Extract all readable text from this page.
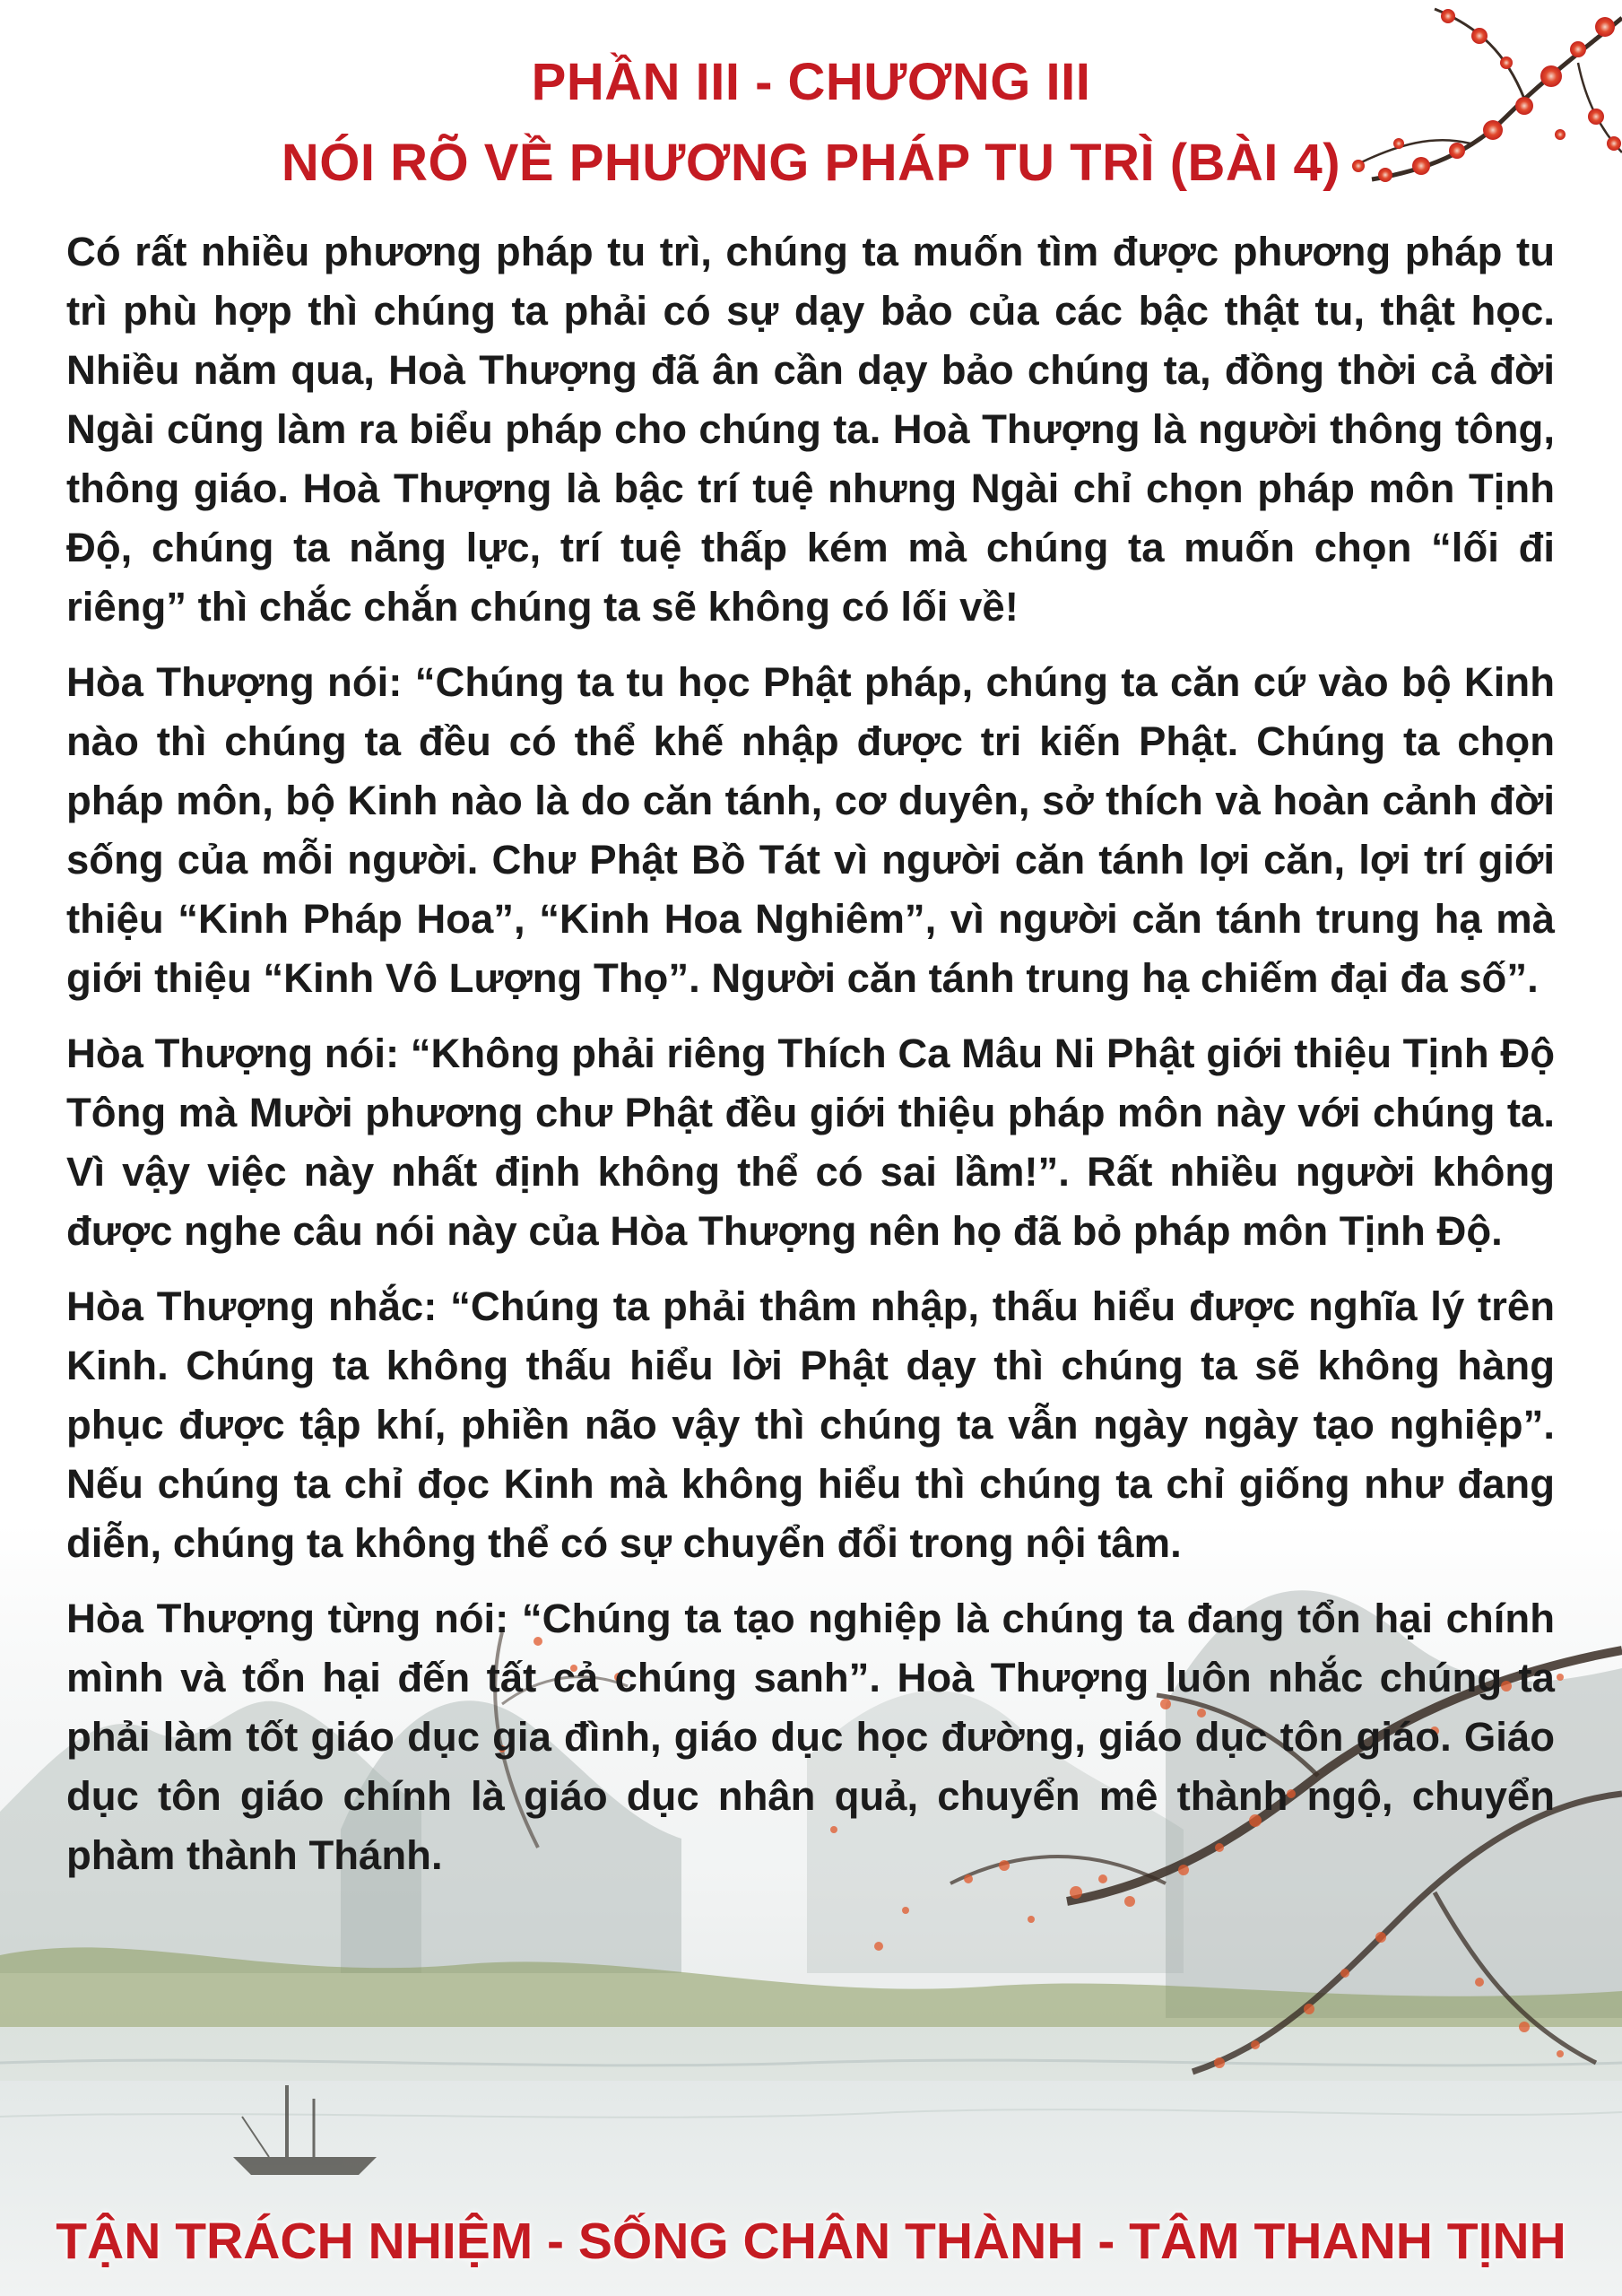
PHẦN III - CHƯƠNG III
NÓI RÕ VỀ PHƯƠNG PHÁP TU TRÌ (BÀI 4)

Có rất nhiều phương pháp tu trì, chúng ta muốn tìm được phương pháp tu trì phù hợp thì chúng ta phải có sự dạy bảo của các bậc thật tu, thật học. Nhiều năm qua, Hoà Thượng đã ân cần dạy bảo chúng ta, đồng thời cả đời Ngài cũng làm ra biểu pháp cho chúng ta. Hoà Thượng là người thông tông, thông giáo. Hoà Thượng là bậc trí tuệ nhưng Ngài chỉ chọn pháp môn Tịnh Độ, chúng ta năng lực, trí tuệ thấp kém mà chúng ta muốn chọn “lối đi riêng” thì chắc chắn chúng ta sẽ không có lối về!

Hòa Thượng nói: “Chúng ta tu học Phật pháp, chúng ta căn cứ vào bộ Kinh nào thì chúng ta đều có thể khế nhập được tri kiến Phật. Chúng ta chọn pháp môn, bộ Kinh nào là do căn tánh, cơ duyên, sở thích và hoàn cảnh đời sống của mỗi người. Chư Phật Bồ Tát vì người căn tánh lợi căn, lợi trí giới thiệu “Kinh Pháp Hoa”, “Kinh Hoa Nghiêm”, vì người căn tánh trung hạ mà giới thiệu “Kinh Vô Lượng Thọ”. Người căn tánh trung hạ chiếm đại đa số”.

Hòa Thượng nói: “Không phải riêng Thích Ca Mâu Ni Phật giới thiệu Tịnh Độ Tông mà Mười phương chư Phật đều giới thiệu pháp môn này với chúng ta. Vì vậy việc này nhất định không thể có sai lầm!”. Rất nhiều người không được nghe câu nói này của Hòa Thượng nên họ đã bỏ pháp môn Tịnh Độ.

Hòa Thượng nhắc: “Chúng ta phải thâm nhập, thấu hiểu được nghĩa lý trên Kinh. Chúng ta không thấu hiểu lời Phật dạy thì chúng ta sẽ không hàng phục được tập khí, phiền não vậy thì chúng ta vẫn ngày ngày tạo nghiệp”. Nếu chúng ta chỉ đọc Kinh mà không hiểu thì chúng ta chỉ giống như đang diễn, chúng ta không thể có sự chuyển đổi trong nội tâm.

Hòa Thượng từng nói: “Chúng ta tạo nghiệp là chúng ta đang tổn hại chính mình và tổn hại đến tất cả chúng sanh”. Hoà Thượng luôn nhắc chúng ta phải làm tốt giáo dục gia đình, giáo dục học đường, giáo dục tôn giáo. Giáo dục tôn giáo chính là giáo dục nhân quả, chuyển mê thành ngộ, chuyển phàm thành Thánh.

TẬN TRÁCH NHIỆM - SỐNG CHÂN THÀNH - TÂM THANH TỊNH
